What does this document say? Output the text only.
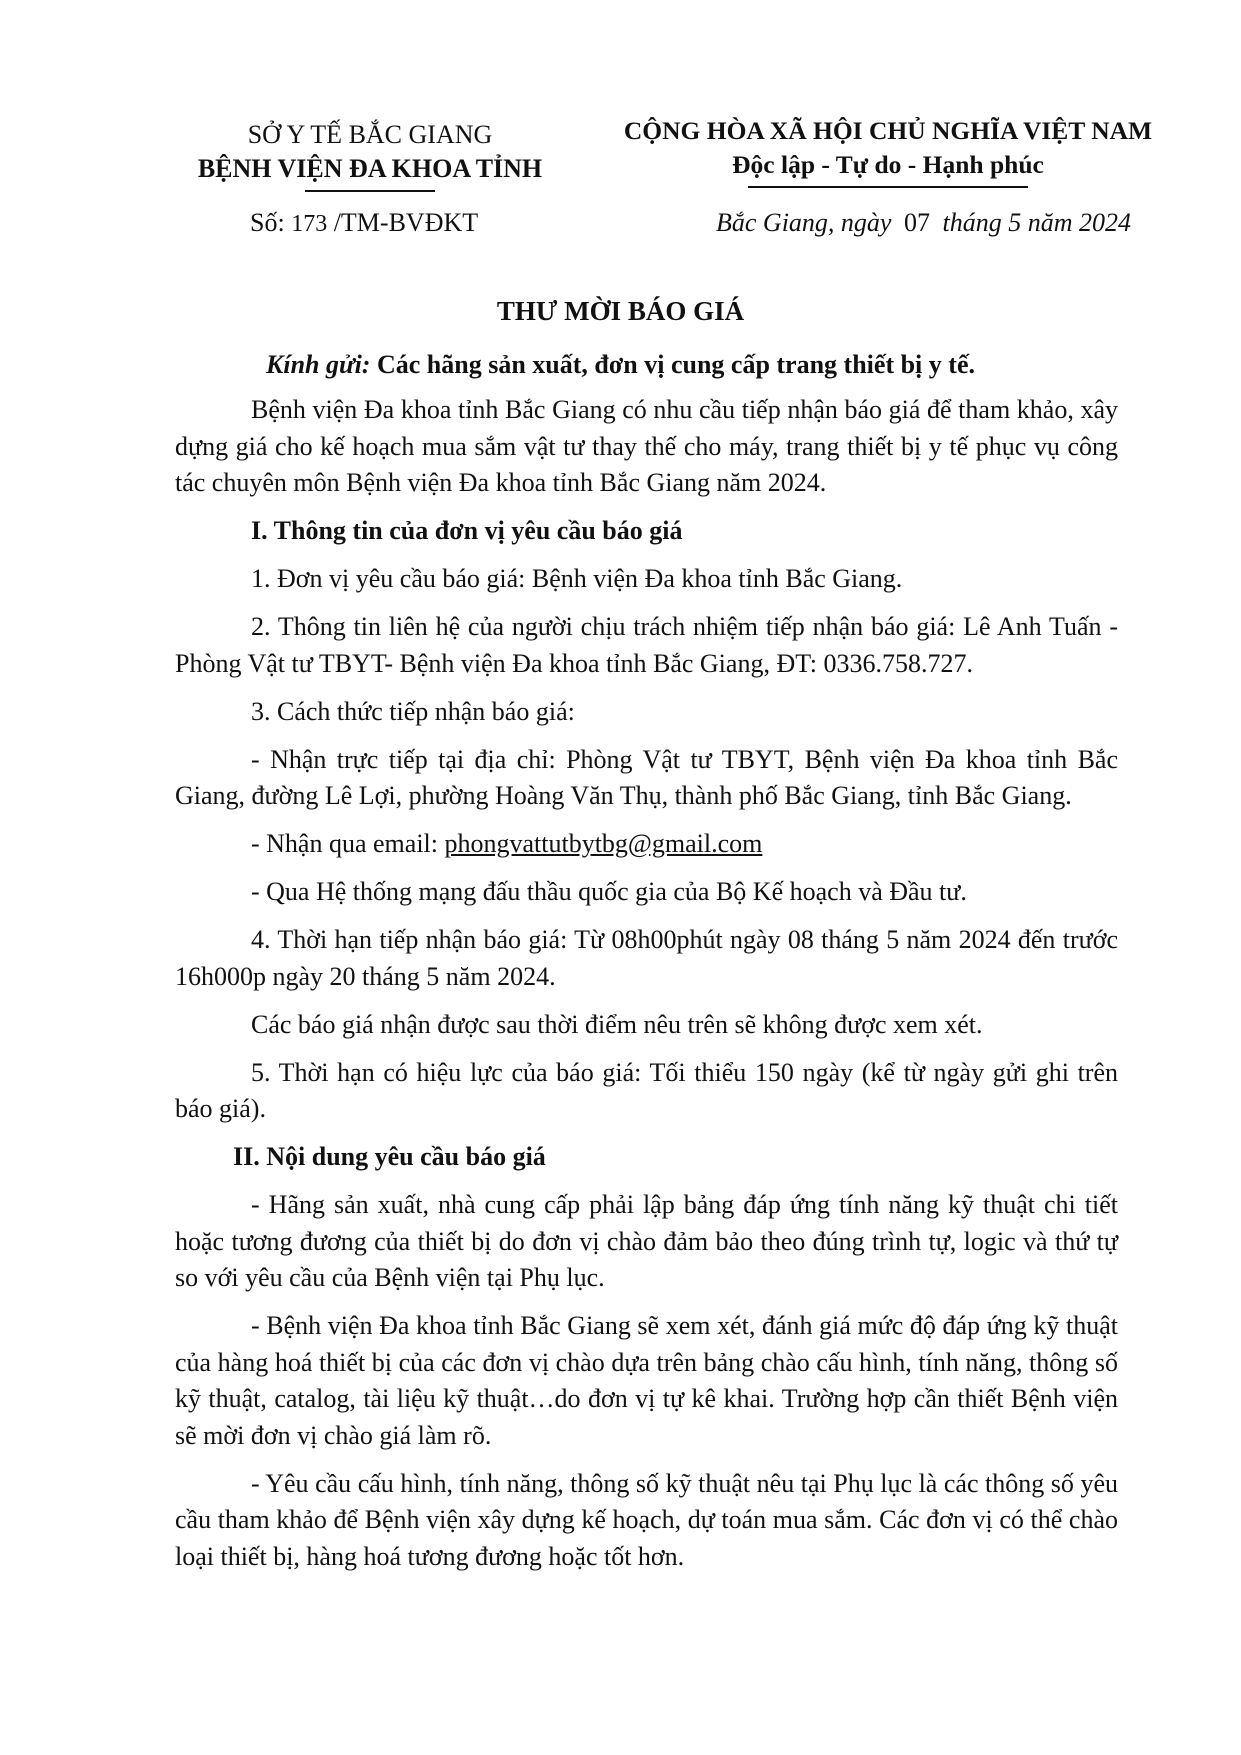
SỞ Y TẾ BẮC GIANG
BỆNH VIỆN ĐA KHOA TỈNH
CỘNG HÒA XÃ HỘI CHỦ NGHĨA VIỆT NAM
Độc lập - Tự do - Hạnh phúc
Số: 173 /TM-BVĐKT	Bắc Giang, ngày 07 tháng 5 năm 2024
THƯ MỜI BÁO GIÁ
Kính gửi: Các hãng sản xuất, đơn vị cung cấp trang thiết bị y tế.

Bệnh viện Đa khoa tỉnh Bắc Giang có nhu cầu tiếp nhận báo giá để tham khảo, xây dựng giá cho kế hoạch mua sắm vật tư thay thế cho máy, trang thiết bị y tế phục vụ công tác chuyên môn Bệnh viện Đa khoa tỉnh Bắc Giang năm 2024.

I. Thông tin của đơn vị yêu cầu báo giá

1. Đơn vị yêu cầu báo giá: Bệnh viện Đa khoa tỉnh Bắc Giang.

2. Thông tin liên hệ của người chịu trách nhiệm tiếp nhận báo giá: Lê Anh Tuấn - Phòng Vật tư TBYT- Bệnh viện Đa khoa tỉnh Bắc Giang, ĐT: 0336.758.727.

3. Cách thức tiếp nhận báo giá:

- Nhận trực tiếp tại địa chỉ: Phòng Vật tư TBYT, Bệnh viện Đa khoa tỉnh Bắc Giang, đường Lê Lợi, phường Hoàng Văn Thụ, thành phố Bắc Giang, tỉnh Bắc Giang.

- Nhận qua email: phongvattutbytbg@gmail.com

- Qua Hệ thống mạng đấu thầu quốc gia của Bộ Kế hoạch và Đầu tư.

4. Thời hạn tiếp nhận báo giá: Từ 08h00phút ngày 08 tháng 5 năm 2024 đến trước 16h000p ngày 20 tháng 5 năm 2024.

Các báo giá nhận được sau thời điểm nêu trên sẽ không được xem xét.

5. Thời hạn có hiệu lực của báo giá: Tối thiểu 150 ngày (kể từ ngày gửi ghi trên báo giá).

II. Nội dung yêu cầu báo giá

- Hãng sản xuất, nhà cung cấp phải lập bảng đáp ứng tính năng kỹ thuật chi tiết hoặc tương đương của thiết bị do đơn vị chào đảm bảo theo đúng trình tự, logic và thứ tự so với yêu cầu của Bệnh viện tại Phụ lục.

- Bệnh viện Đa khoa tỉnh Bắc Giang sẽ xem xét, đánh giá mức độ đáp ứng kỹ thuật của hàng hoá thiết bị của các đơn vị chào dựa trên bảng chào cấu hình, tính năng, thông số kỹ thuật, catalog, tài liệu kỹ thuật…do đơn vị tự kê khai. Trường hợp cần thiết Bệnh viện sẽ mời đơn vị chào giá làm rõ.

- Yêu cầu cấu hình, tính năng, thông số kỹ thuật nêu tại Phụ lục là các thông số yêu cầu tham khảo để Bệnh viện xây dựng kế hoạch, dự toán mua sắm. Các đơn vị có thể chào loại thiết bị, hàng hoá tương đương hoặc tốt hơn.
